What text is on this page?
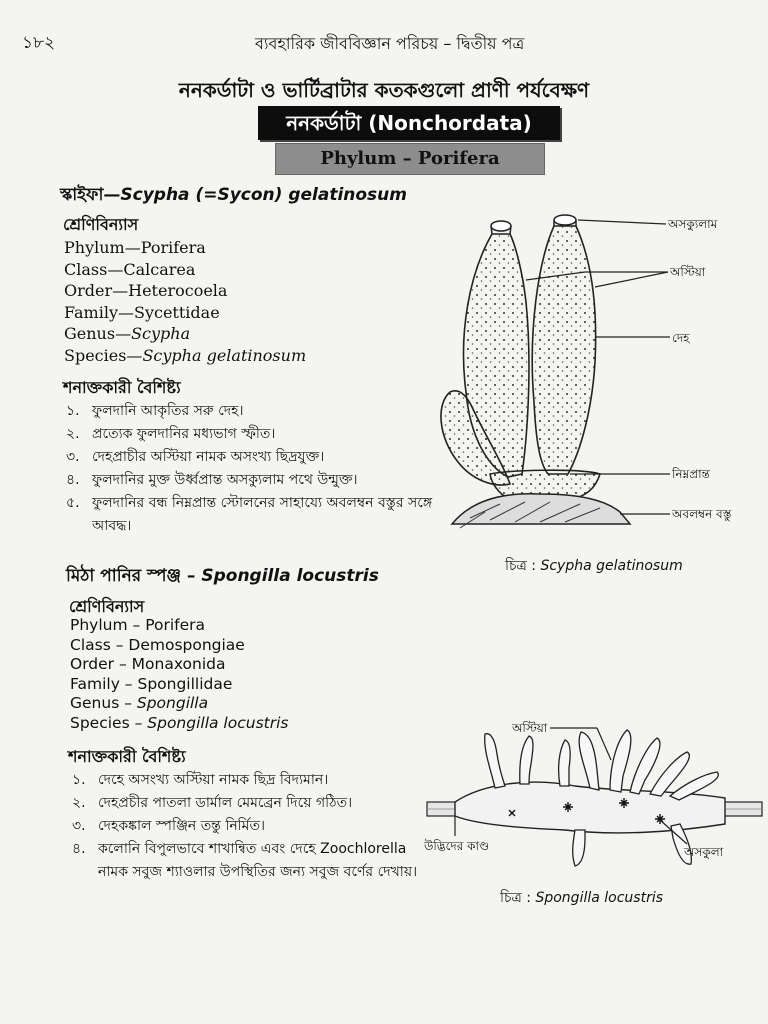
১৮২	ব্যবহারিক জীববিজ্ঞান পরিচয় – দ্বিতীয় পত্র
ননকর্ডাটা ও ভার্টিব্রাটার কতকগুলো প্রাণী পর্যবেক্ষণ
ননকর্ডাটা (Nonchordata)
Phylum – Porifera
স্কাইফা—Scypha (=Sycon) gelatinosum
শ্রেণিবিন্যাস
Phylum—Porifera
Class—Calcarea
Order—Heterocoela
Family—Sycettidae
Genus—Scypha
Species—Scypha gelatinosum
শনাক্তকারী বৈশিষ্ট্য
১. ফুলদানি আকৃতির সরু দেহ।
২. প্রত্যেক ফুলদানির মধ্যভাগ স্ফীত।
৩. দেহপ্রাচীর অস্টিয়া নামক অসংখ্য ছিদ্রযুক্ত।
৪. ফুলদানির মুক্ত উর্ধ্বপ্রান্ত অসক্যুলাম পথে উন্মুক্ত।
৫. ফুলদানির বন্ধ নিম্নপ্রান্ত স্টোলনের সাহায্যে অবলম্বন বস্তুর সঙ্গে আবদ্ধ।
অসক্যুলাম
অস্টিয়া
দেহ
নিম্নপ্রান্ত
অবলম্বন বস্তু
চিত্র : Scypha gelatinosum
মিঠা পানির স্পঞ্জ – Spongilla locustris
শ্রেণিবিন্যাস
Phylum – Porifera
Class – Demospongiae
Order – Monaxonida
Family – Spongillidae
Genus – Spongilla
Species – Spongilla locustris
শনাক্তকারী বৈশিষ্ট্য
১. দেহে অসংখ্য অস্টিয়া নামক ছিদ্র বিদ্যমান।
২. দেহপ্রচীর পাতলা ডার্মাল মেমব্রেন দিয়ে গঠিত।
৩. দেহকঙ্কাল স্পঞ্জিন তন্তু নির্মিত।
৪. কলোনি বিপুলভাবে শাখান্বিত এবং দেহে Zoochlorella নামক সবুজ শ্যাওলার উপস্থিতির জন্য সবুজ বর্ণের দেখায়।
অস্টিয়া
উদ্ভিদের কাণ্ড	অসকুলা
চিত্র : Spongilla locustris
